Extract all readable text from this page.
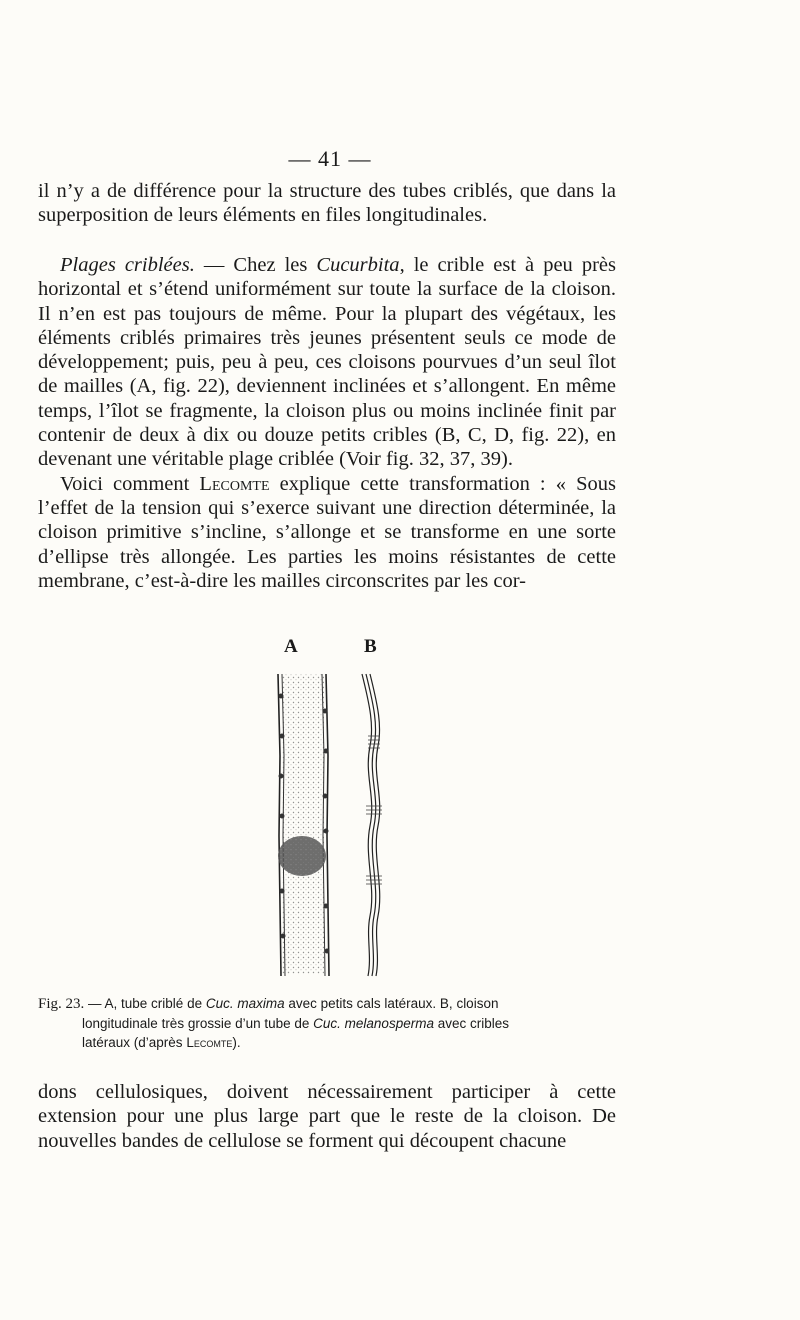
— 41 —

il n’y a de différence pour la structure des tubes criblés, que dans la superposition de leurs éléments en files longitudinales.

Plages criblées. — Chez les Cucurbita, le crible est à peu près horizontal et s’étend uniformément sur toute la surface de la cloison. Il n’en est pas toujours de même. Pour la plupart des végétaux, les éléments criblés primaires très jeunes présentent seuls ce mode de développement; puis, peu à peu, ces cloisons pourvues d’un seul îlot de mailles (A, fig. 22), deviennent inclinées et s’allongent. En même temps, l’îlot se fragmente, la cloison plus ou moins inclinée finit par contenir de deux à dix ou douze petits cribles (B, C, D, fig. 22), en devenant une véritable plage criblée (Voir fig. 32, 37, 39).

Voici comment Lecomte explique cette transformation : « Sous l’effet de la tension qui s’exerce suivant une direction déterminée, la cloison primitive s’incline, s’allonge et se transforme en une sorte d’ellipse très allongée. Les parties les moins résistantes de cette membrane, c’est-à-dire les mailles circonscrites par les cor-

A	B
Fig. 23. — A, tube criblé de Cuc. maxima avec petits cals latéraux. B, cloison
longitudinale très grossie d’un tube de Cuc. melanosperma avec cribles
latéraux (d’après Lecomte).

dons cellulosiques, doivent nécessairement participer à cette extension pour une plus large part que le reste de la cloison. De nouvelles bandes de cellulose se forment qui découpent chacune
